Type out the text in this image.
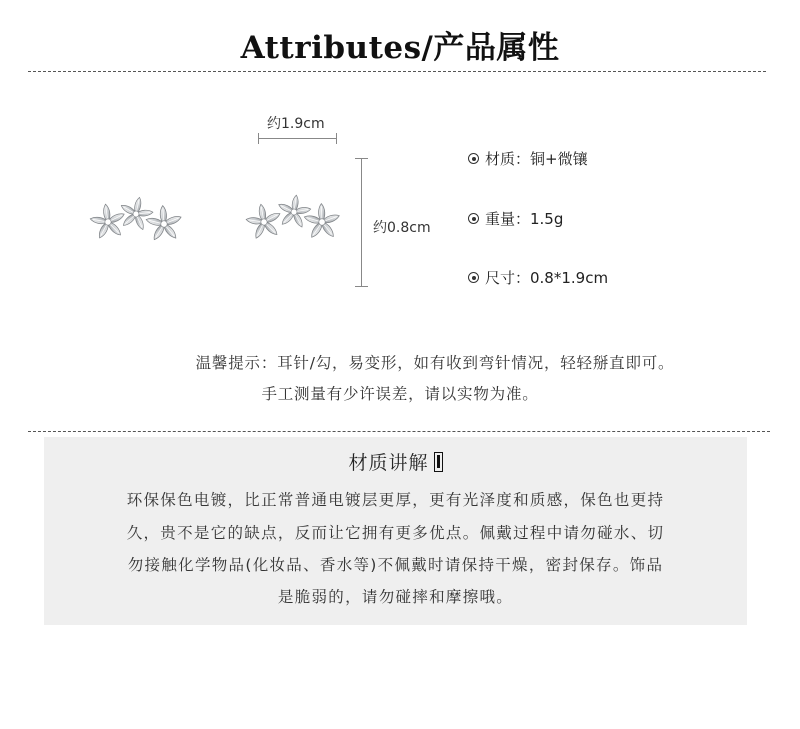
Attributes/产品属性
约1.9cm
约0.8cm
材质：铜+微镶
重量：1.5g
尺寸：0.8*1.9cm
温馨提示：耳针/勾，易变形，如有收到弯针情况，轻轻掰直即可。
手工测量有少许误差，请以实物为准。
材质讲解
环保保色电镀，比正常普通电镀层更厚，更有光泽度和质感，保色也更持
久，贵不是它的缺点，反而让它拥有更多优点。佩戴过程中请勿碰水、切
勿接触化学物品(化妆品、香水等)不佩戴时请保持干燥，密封保存。饰品
是脆弱的，请勿碰摔和摩擦哦。
